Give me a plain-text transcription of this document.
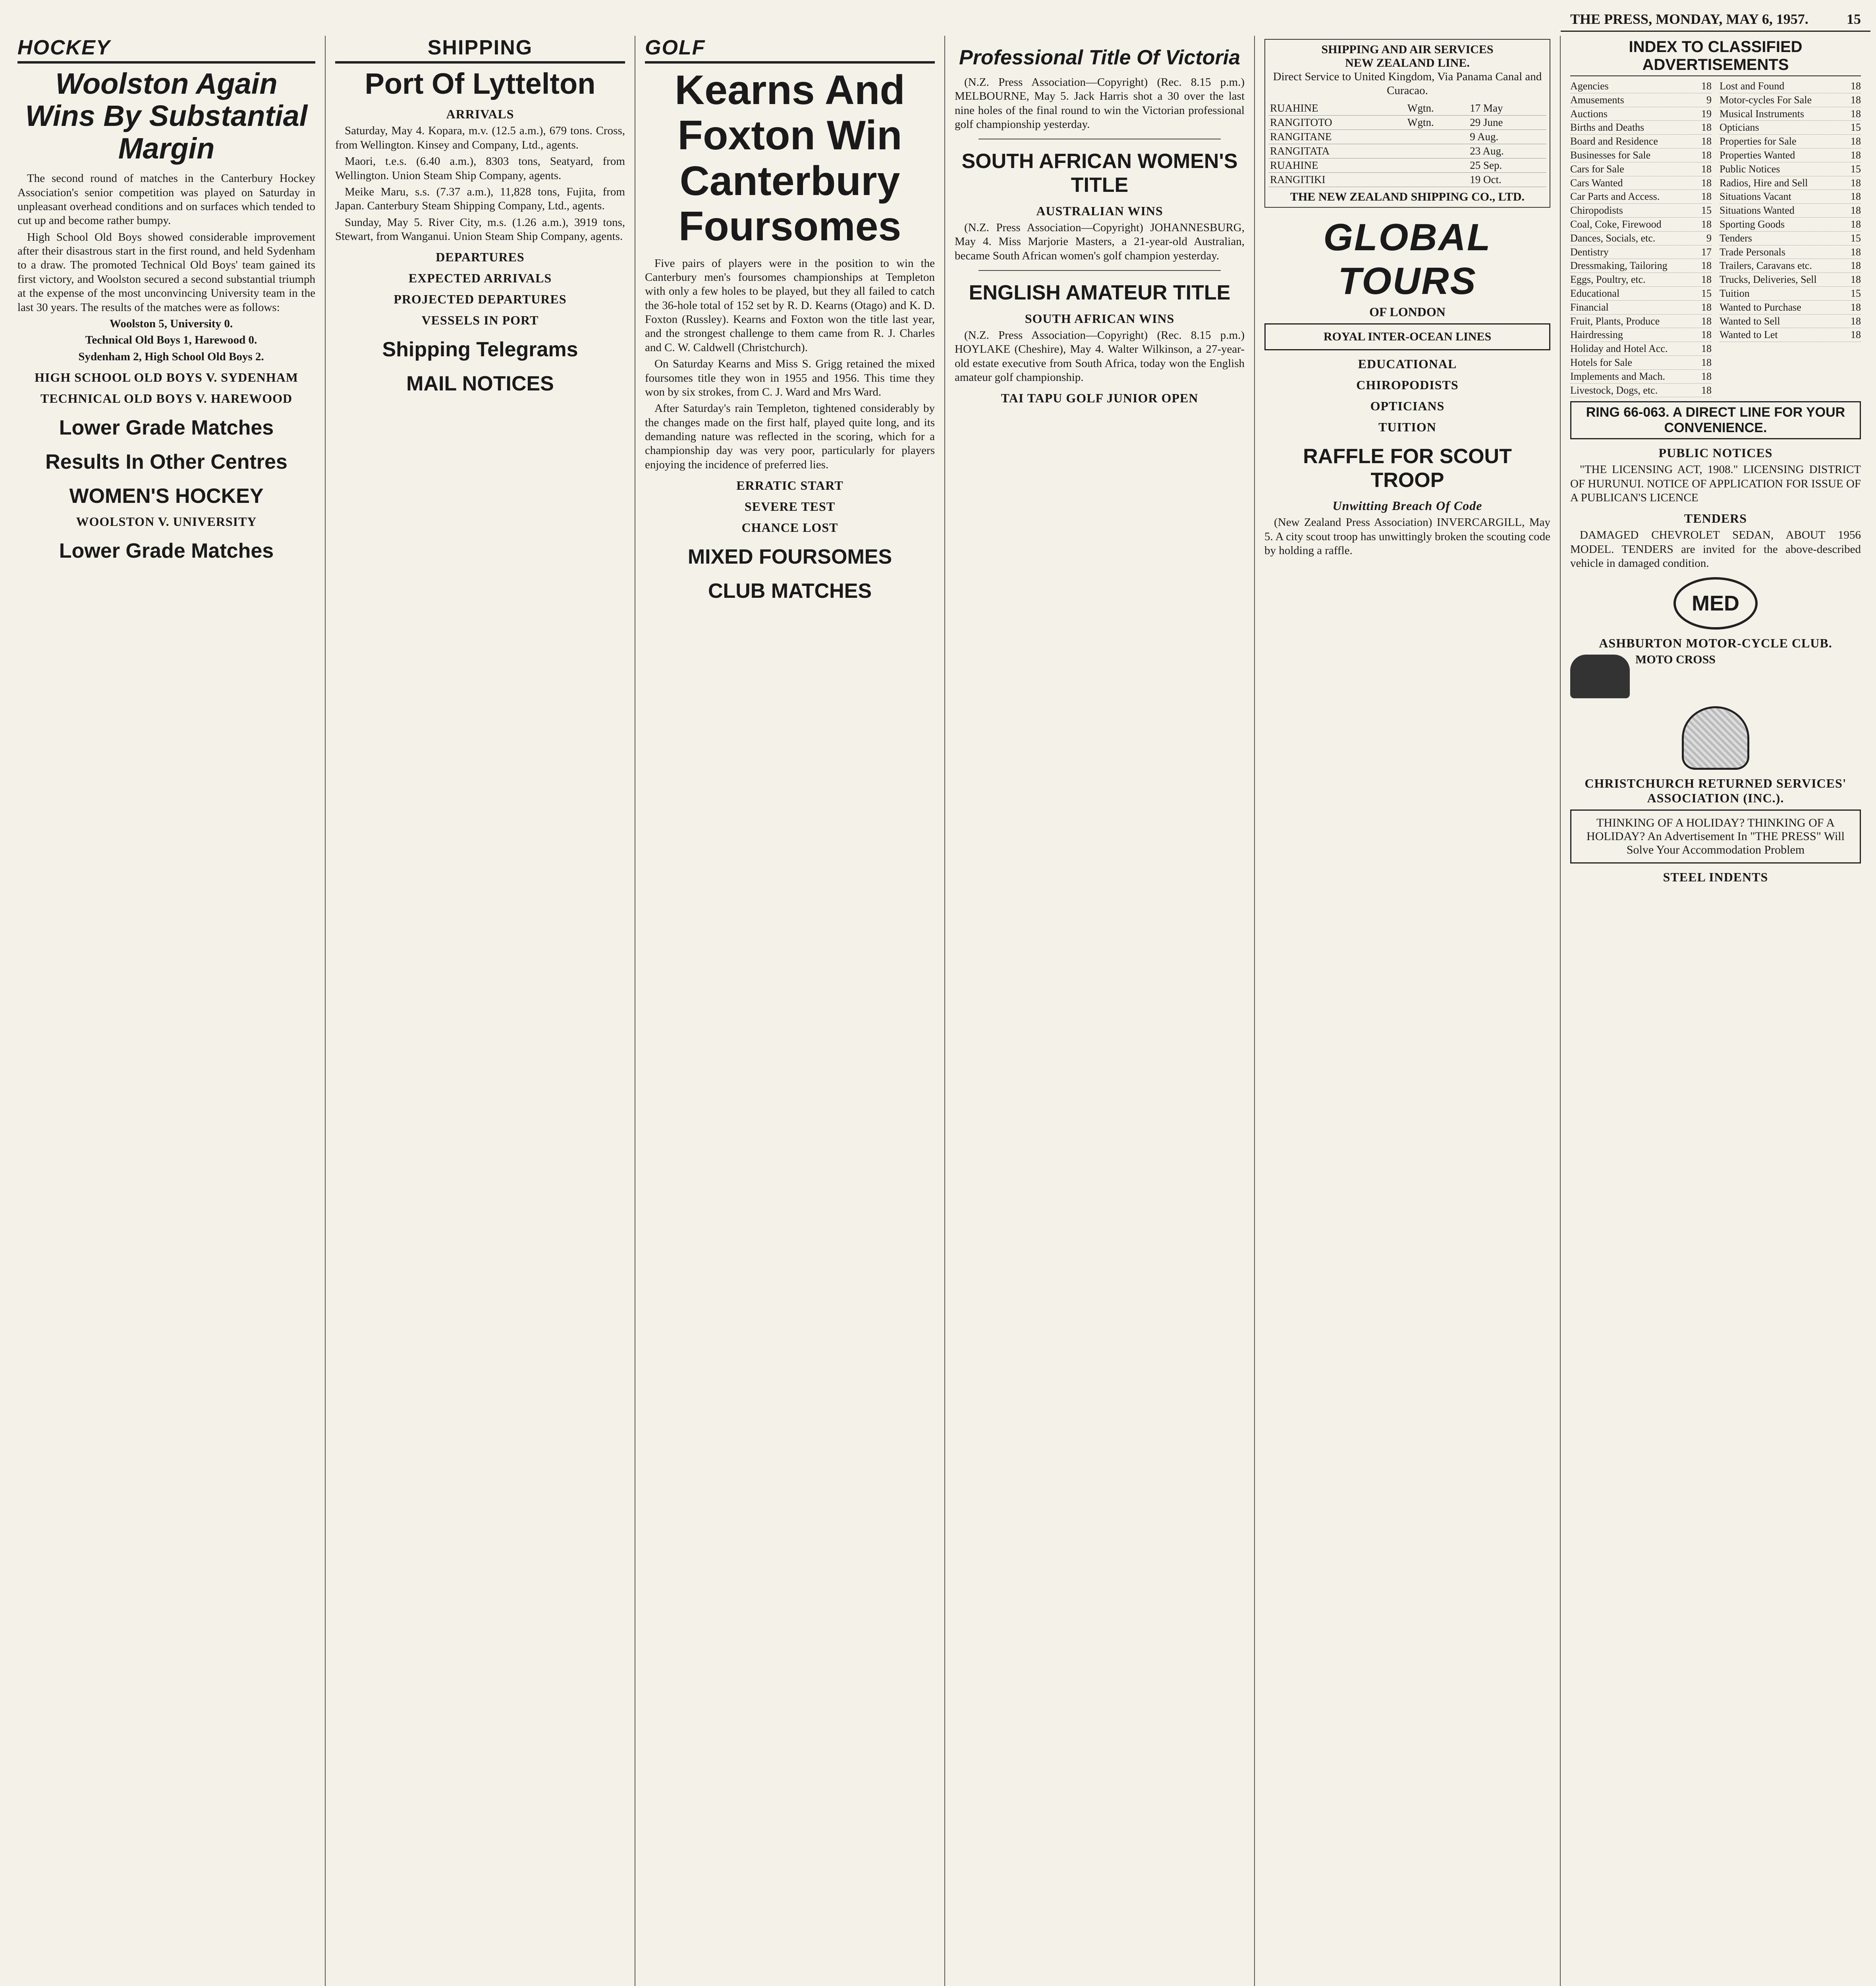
THE PRESS, MONDAY, MAY 6, 1957.	15
HOCKEY
Woolston Again Wins By Substantial Margin

The second round of matches in the Canterbury Hockey Association's senior competition was played on Saturday in unpleasant overhead conditions and on surfaces which tended to cut up and become rather bumpy.

High School Old Boys showed considerable improvement after their disastrous start in the first round, and held Sydenham to a draw. The promoted Technical Old Boys' team gained its first victory, and Woolston secured a second substantial triumph at the expense of the most unconvincing University team in the last 30 years. The results of the matches were as follows:

Woolston 5, University 0.

Technical Old Boys 1, Harewood 0.

Sydenham 2, High School Old Boys 2.

HIGH SCHOOL OLD BOYS V. SYDENHAM
TECHNICAL OLD BOYS V. HAREWOOD
Lower Grade Matches
Results In Other Centres
WOMEN'S HOCKEY
WOOLSTON V. UNIVERSITY
Lower Grade Matches
SHIPPING
Port Of Lyttelton
ARRIVALS

Saturday, May 4. Kopara, m.v. (12.5 a.m.), 679 tons. Cross, from Wellington. Kinsey and Company, Ltd., agents.

Maori, t.e.s. (6.40 a.m.), 8303 tons, Seatyard, from Wellington. Union Steam Ship Company, agents.

Meike Maru, s.s. (7.37 a.m.), 11,828 tons, Fujita, from Japan. Canterbury Steam Shipping Company, Ltd., agents.

Sunday, May 5. River City, m.s. (1.26 a.m.), 3919 tons, Stewart, from Wanganui. Union Steam Ship Company, agents.

DEPARTURES
EXPECTED ARRIVALS
PROJECTED DEPARTURES
VESSELS IN PORT
Shipping Telegrams
MAIL NOTICES
GOLF
Kearns And Foxton Win Canterbury Foursomes

Five pairs of players were in the position to win the Canterbury men's foursomes championships at Templeton with only a few holes to be played, but they all failed to catch the 36-hole total of 152 set by R. D. Kearns (Otago) and K. D. Foxton (Russley). Kearns and Foxton won the title last year, and the strongest challenge to them came from R. J. Charles and C. W. Caldwell (Christchurch).

On Saturday Kearns and Miss S. Grigg retained the mixed foursomes title they won in 1955 and 1956. This time they won by six strokes, from C. J. Ward and Mrs Ward.

After Saturday's rain Templeton, tightened considerably by the changes made on the first half, played quite long, and its demanding nature was reflected in the scoring, which for a championship day was very poor, particularly for players enjoying the incidence of preferred lies.

ERRATIC START
SEVERE TEST
CHANCE LOST
MIXED FOURSOMES
CLUB MATCHES
Professional Title Of Victoria

(N.Z. Press Association—Copyright) (Rec. 8.15 p.m.) MELBOURNE, May 5. Jack Harris shot a 30 over the last nine holes of the final round to win the Victorian professional golf championship yesterday.

SOUTH AFRICAN WOMEN'S TITLE
AUSTRALIAN WINS

(N.Z. Press Association—Copyright) JOHANNESBURG, May 4. Miss Marjorie Masters, a 21-year-old Australian, became South African women's golf champion yesterday.

ENGLISH AMATEUR TITLE
SOUTH AFRICAN WINS

(N.Z. Press Association—Copyright) (Rec. 8.15 p.m.) HOYLAKE (Cheshire), May 4. Walter Wilkinson, a 27-year-old estate executive from South Africa, today won the English amateur golf championship.

TAI TAPU GOLF JUNIOR OPEN
SHIPPING AND AIR SERVICES
NEW ZEALAND LINE.

Direct Service to United Kingdom, Via Panama Canal and Curacao.

RUAHINE	Wgtn.	17 May
RANGITOTO	Wgtn.	29 June
RANGITANE		9 Aug.
RANGITATA		23 Aug.
RUAHINE		25 Sep.
RANGITIKI		19 Oct.
THE NEW ZEALAND SHIPPING CO., LTD.
GLOBAL TOURS
OF LONDON
ROYAL INTER-OCEAN LINES
EDUCATIONAL
CHIROPODISTS
OPTICIANS
TUITION
RAFFLE FOR SCOUT TROOP
Unwitting Breach Of Code

(New Zealand Press Association) INVERCARGILL, May 5. A city scout troop has unwittingly broken the scouting code by holding a raffle.

INDEX TO CLASSIFIED ADVERTISEMENTS
Agencies	18
Amusements	9
Auctions	19
Births and Deaths	18
Board and Residence	18
Businesses for Sale	18
Cars for Sale	18
Cars Wanted	18
Car Parts and Access.	18
Chiropodists	15
Coal, Coke, Firewood	18
Dances, Socials, etc.	9
Dentistry	17
Dressmaking, Tailoring	18
Eggs, Poultry, etc.	18
Educational	15
Financial	18
Fruit, Plants, Produce	18
Hairdressing	18
Holiday and Hotel Acc.	18
Hotels for Sale	18
Implements and Mach.	18
Livestock, Dogs, etc.	18
Lost and Found	18
Motor-cycles For Sale	18
Musical Instruments	18
Opticians	15
Properties for Sale	18
Properties Wanted	18
Public Notices	15
Radios, Hire and Sell	18
Situations Vacant	18
Situations Wanted	18
Sporting Goods	18
Tenders	15
Trade Personals	18
Trailers, Caravans etc.	18
Trucks, Deliveries, Sell	18
Tuition	15
Wanted to Purchase	18
Wanted to Sell	18
Wanted to Let	18
RING 66-063. A DIRECT LINE FOR YOUR CONVENIENCE.
PUBLIC NOTICES

"THE LICENSING ACT, 1908." LICENSING DISTRICT OF HURUNUI. NOTICE OF APPLICATION FOR ISSUE OF A PUBLICAN'S LICENCE

TENDERS

DAMAGED CHEVROLET SEDAN, ABOUT 1956 MODEL. TENDERS are invited for the above-described vehicle in damaged condition.

MED
ASHBURTON MOTOR-CYCLE CLUB.
MOTO CROSS
CHRISTCHURCH RETURNED SERVICES' ASSOCIATION (INC.).
THINKING OF A HOLIDAY? THINKING OF A HOLIDAY? An Advertisement In "THE PRESS" Will Solve Your Accommodation Problem
STEEL INDENTS
